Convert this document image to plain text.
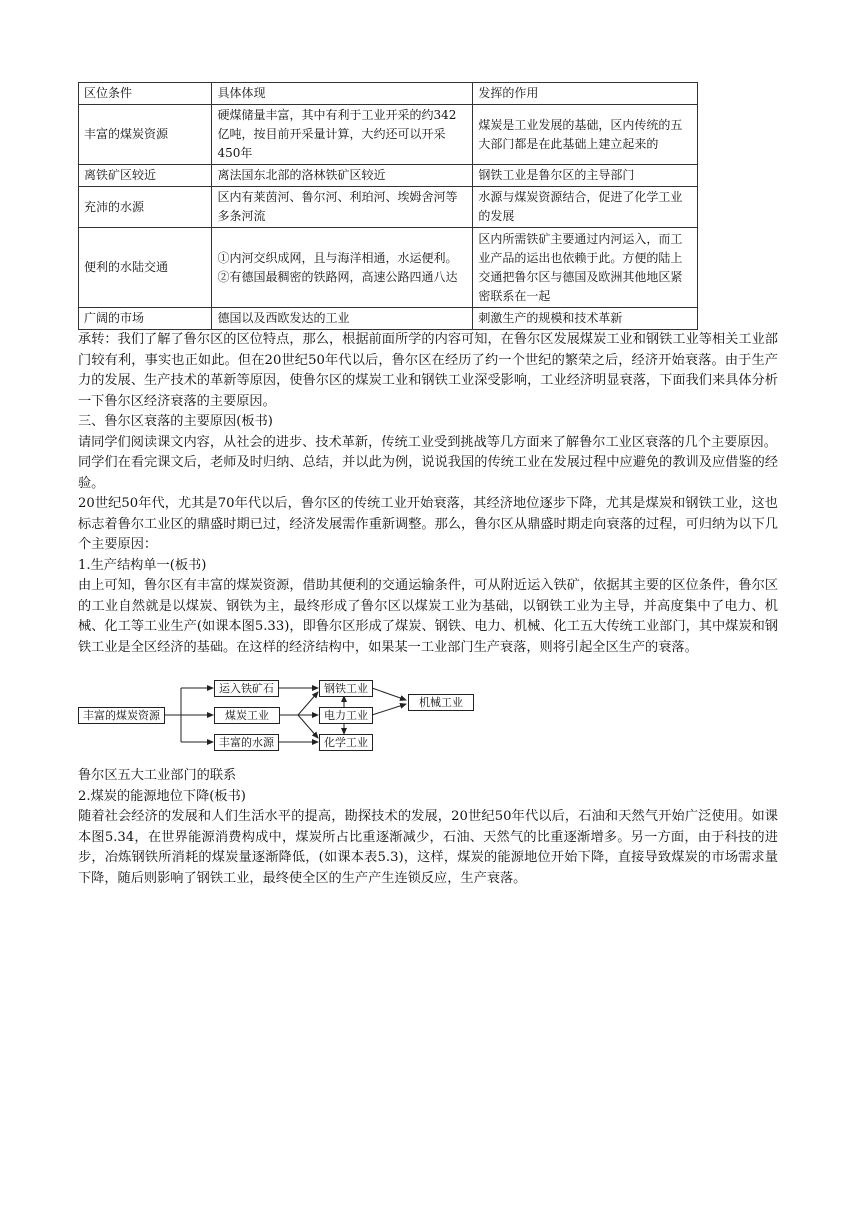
区位条件	具体体现	发挥的作用
丰富的煤炭资源	硬煤储量丰富，其中有利于工业开采的约342亿吨，按目前开采量计算，大约还可以开采450年	煤炭是工业发展的基础，区内传统的五大部门都是在此基础上建立起来的
离铁矿区较近	离法国东北部的洛林铁矿区较近	钢铁工业是鲁尔区的主导部门
充沛的水源	区内有莱茵河、鲁尔河、利珀河、埃姆舍河等多条河流	水源与煤炭资源结合，促进了化学工业的发展
便利的水陆交通	①内河交织成网，且与海洋相通，水运便利。②有德国最稠密的铁路网，高速公路四通八达	区内所需铁矿主要通过内河运入，而工业产品的运出也依赖于此。方便的陆上交通把鲁尔区与德国及欧洲其他地区紧密联系在一起
广阔的市场	德国以及西欧发达的工业	刺激生产的规模和技术革新

承转：我们了解了鲁尔区的区位特点，那么，根据前面所学的内容可知，在鲁尔区发展煤炭工业和钢铁工业等相关工业部门较有利，事实也正如此。但在20世纪50年代以后，鲁尔区在经历了约一个世纪的繁荣之后，经济开始衰落。由于生产力的发展、生产技术的革新等原因，使鲁尔区的煤炭工业和钢铁工业深受影响，工业经济明显衰落，下面我们来具体分析一下鲁尔区经济衰落的主要原因。

三、鲁尔区衰落的主要原因(板书)

请同学们阅读课文内容，从社会的进步、技术革新，传统工业受到挑战等几方面来了解鲁尔工业区衰落的几个主要原因。

同学们在看完课文后，老师及时归纳、总结，并以此为例，说说我国的传统工业在发展过程中应避免的教训及应借鉴的经验。

20世纪50年代，尤其是70年代以后，鲁尔区的传统工业开始衰落，其经济地位逐步下降，尤其是煤炭和钢铁工业，这也标志着鲁尔工业区的鼎盛时期已过，经济发展需作重新调整。那么，鲁尔区从鼎盛时期走向衰落的过程，可归纳为以下几个主要原因：

1.生产结构单一(板书)

由上可知，鲁尔区有丰富的煤炭资源，借助其便利的交通运输条件，可从附近运入铁矿，依据其主要的区位条件，鲁尔区的工业自然就是以煤炭、钢铁为主，最终形成了鲁尔区以煤炭工业为基础，以钢铁工业为主导，并高度集中了电力、机械、化工等工业生产(如课本图5.33)，即鲁尔区形成了煤炭、钢铁、电力、机械、化工五大传统工业部门，其中煤炭和钢铁工业是全区经济的基础。在这样的经济结构中，如果某一工业部门生产衰落，则将引起全区生产的衰落。

丰富的煤炭资源
运入铁矿石
煤炭工业
丰富的水源
钢铁工业
电力工业
化学工业
机械工业

鲁尔区五大工业部门的联系

2.煤炭的能源地位下降(板书)

随着社会经济的发展和人们生活水平的提高，勘探技术的发展，20世纪50年代以后，石油和天然气开始广泛使用。如课本图5.34，在世界能源消费构成中，煤炭所占比重逐渐减少，石油、天然气的比重逐渐增多。另一方面，由于科技的进步，冶炼钢铁所消耗的煤炭量逐渐降低，(如课本表5.3)，这样，煤炭的能源地位开始下降，直接导致煤炭的市场需求量下降，随后则影响了钢铁工业，最终使全区的生产产生连锁反应，生产衰落。
